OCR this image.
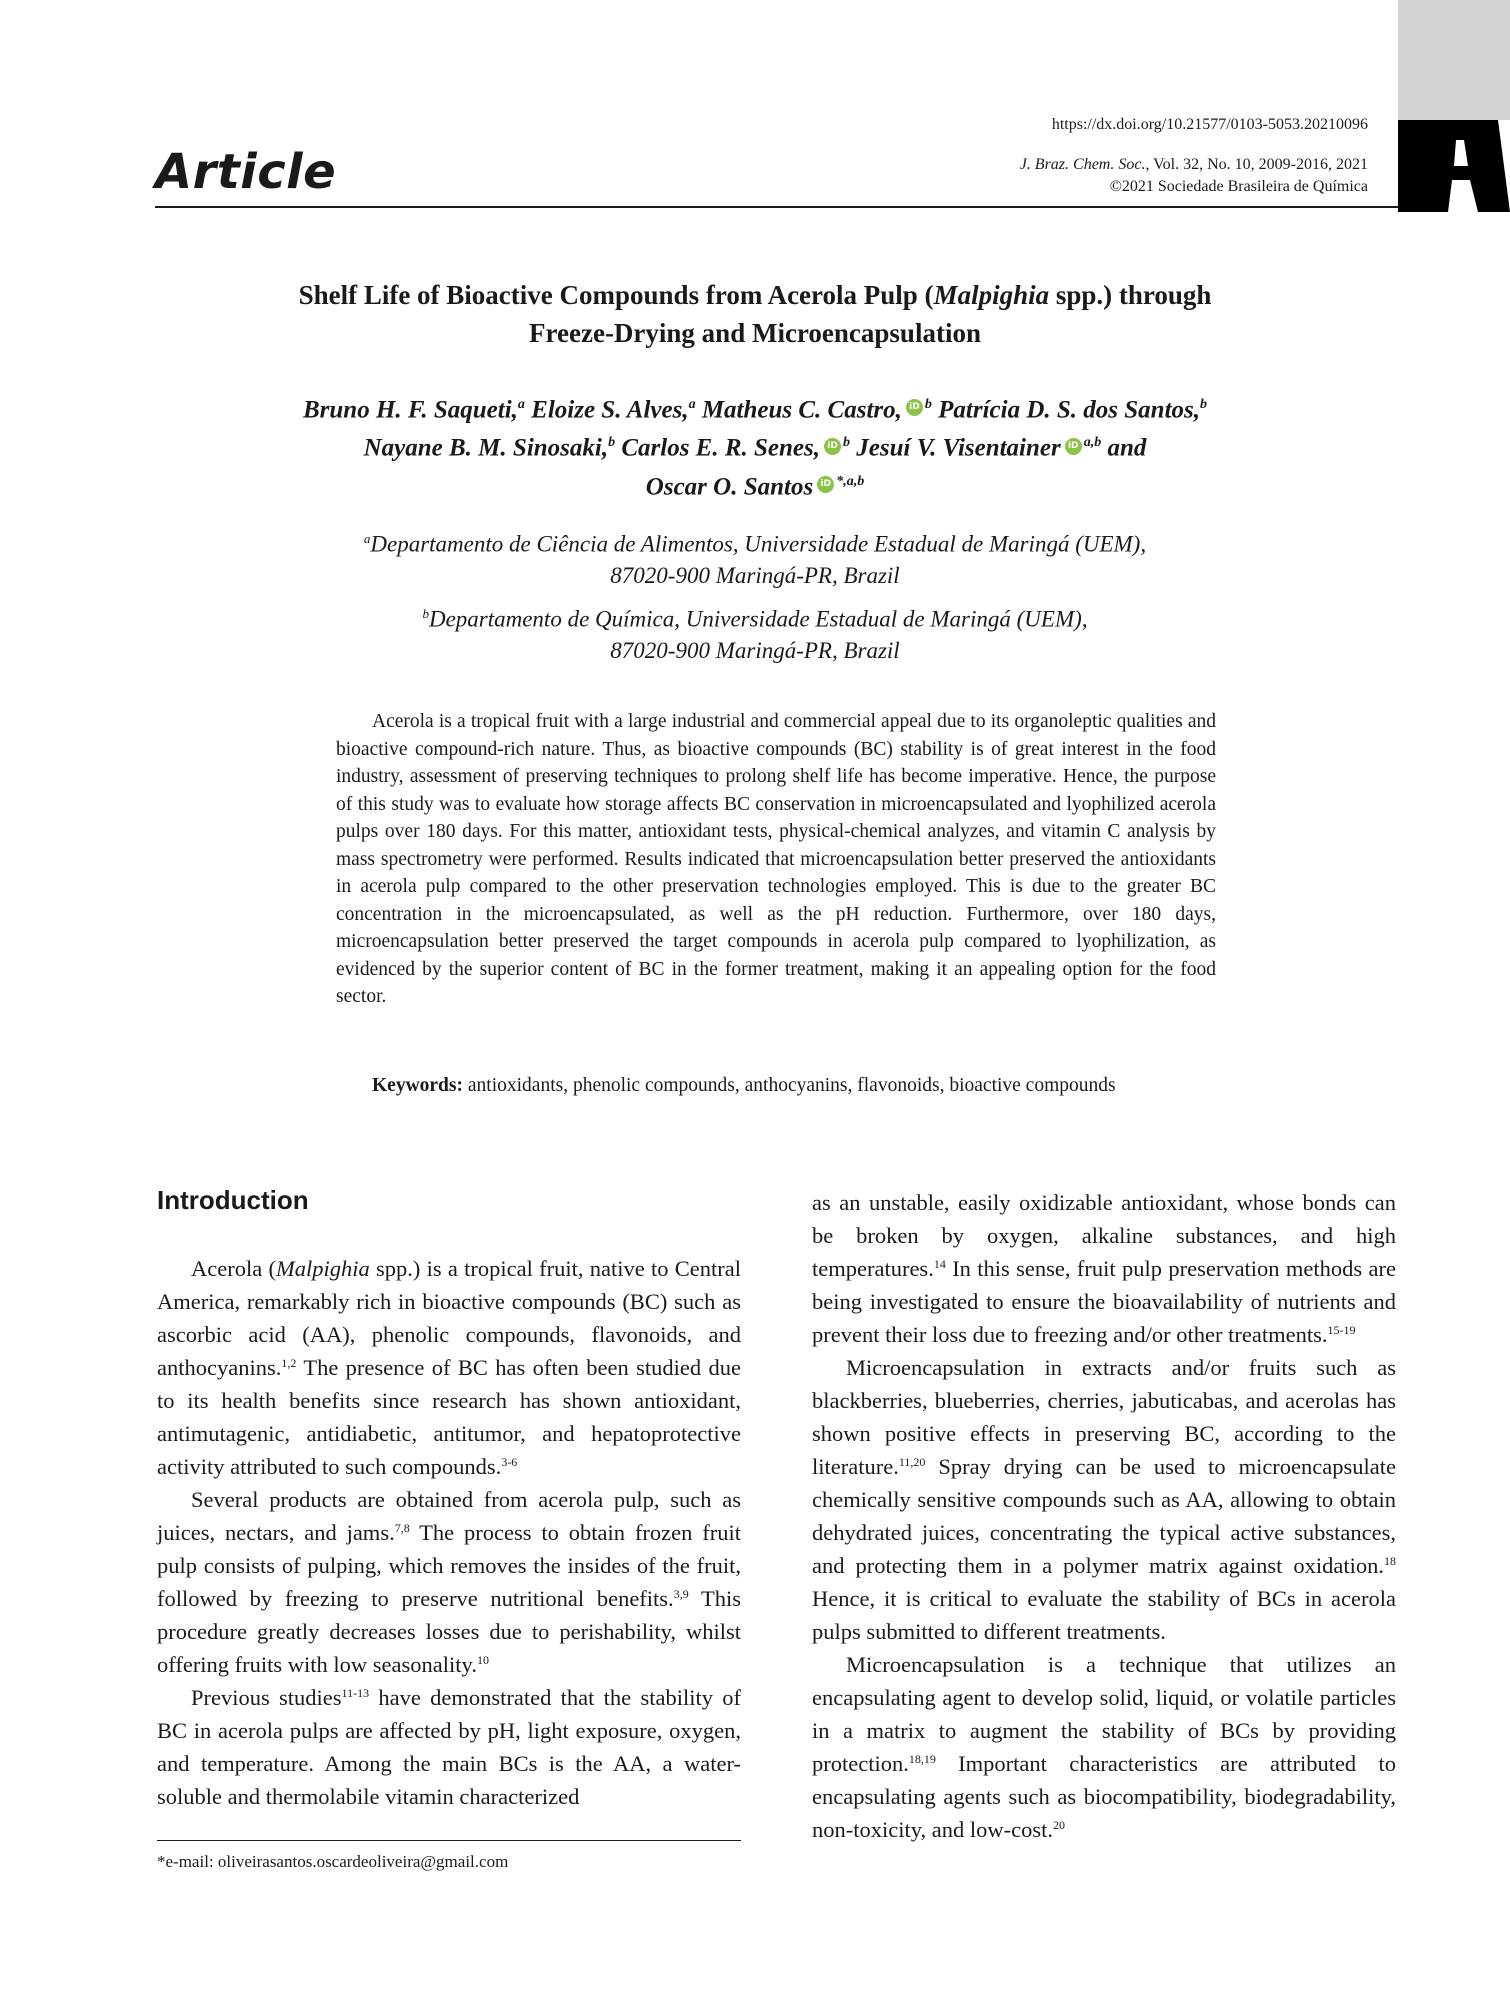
https://dx.doi.org/10.21577/0103-5053.20210096
J. Braz. Chem. Soc., Vol. 32, No. 10, 2009-2016, 2021
©2021 Sociedade Brasileira de Química
Article
Shelf Life of Bioactive Compounds from Acerola Pulp (Malpighia spp.) through
Freeze-Drying and Microencapsulation
Bruno H. F. Saqueti,$^a$ Eloize S. Alves,$^a$ Matheus C. Castro, iD $^b$ Patrícia D. S. dos Santos,$^b$
Nayane B. M. Sinosaki,$^b$ Carlos E. R. Senes, iD $^b$ Jesuí V. Visentainer iD $^{a,b}$ and
Oscar O. Santos iD $^{*,a,b}$
$^a$Departamento de Ciência de Alimentos, Universidade Estadual de Maringá (UEM),
87020-900 Maringá-PR, Brazil
$^b$Departamento de Química, Universidade Estadual de Maringá (UEM),
87020-900 Maringá-PR, Brazil
Acerola is a tropical fruit with a large industrial and commercial appeal due to its organoleptic qualities and bioactive compound-rich nature. Thus, as bioactive compounds (BC) stability is of great interest in the food industry, assessment of preserving techniques to prolong shelf life has become imperative. Hence, the purpose of this study was to evaluate how storage affects BC conservation in microencapsulated and lyophilized acerola pulps over 180 days. For this matter, antioxidant tests, physical-chemical analyzes, and vitamin C analysis by mass spectrometry were performed. Results indicated that microencapsulation better preserved the antioxidants in acerola pulp compared to the other preservation technologies employed. This is due to the greater BC concentration in the microencapsulated, as well as the pH reduction. Furthermore, over 180 days, microencapsulation better preserved the target compounds in acerola pulp compared to lyophilization, as evidenced by the superior content of BC in the former treatment, making it an appealing option for the food sector.
Keywords: antioxidants, phenolic compounds, anthocyanins, flavonoids, bioactive compounds
Introduction

Acerola (Malpighia spp.) is a tropical fruit, native to Central America, remarkably rich in bioactive compounds (BC) such as ascorbic acid (AA), phenolic compounds, flavonoids, and anthocyanins.$^{1,2}$ The presence of BC has often been studied due to its health benefits since research has shown antioxidant, antimutagenic, antidiabetic, antitumor, and hepatoprotective activity attributed to such compounds.$^{3-6}$

Several products are obtained from acerola pulp, such as juices, nectars, and jams.$^{7,8}$ The process to obtain frozen fruit pulp consists of pulping, which removes the insides of the fruit, followed by freezing to preserve nutritional benefits.$^{3,9}$ This procedure greatly decreases losses due to perishability, whilst offering fruits with low seasonality.$^{10}$

Previous studies$^{11-13}$ have demonstrated that the stability of BC in acerola pulps are affected by pH, light exposure, oxygen, and temperature. Among the main BCs is the AA, a water-soluble and thermolabile vitamin characterized

as an unstable, easily oxidizable antioxidant, whose bonds can be broken by oxygen, alkaline substances, and high temperatures.$^{14}$ In this sense, fruit pulp preservation methods are being investigated to ensure the bioavailability of nutrients and prevent their loss due to freezing and/or other treatments.$^{15-19}$

Microencapsulation in extracts and/or fruits such as blackberries, blueberries, cherries, jabuticabas, and acerolas has shown positive effects in preserving BC, according to the literature.$^{11,20}$ Spray drying can be used to microencapsulate chemically sensitive compounds such as AA, allowing to obtain dehydrated juices, concentrating the typical active substances, and protecting them in a polymer matrix against oxidation.$^{18}$ Hence, it is critical to evaluate the stability of BCs in acerola pulps submitted to different treatments.

Microencapsulation is a technique that utilizes an encapsulating agent to develop solid, liquid, or volatile particles in a matrix to augment the stability of BCs by providing protection.$^{18,19}$ Important characteristics are attributed to encapsulating agents such as biocompatibility, biodegradability, non-toxicity, and low-cost.$^{20}$

*e-mail: oliveirasantos.oscardeoliveira@gmail.com
